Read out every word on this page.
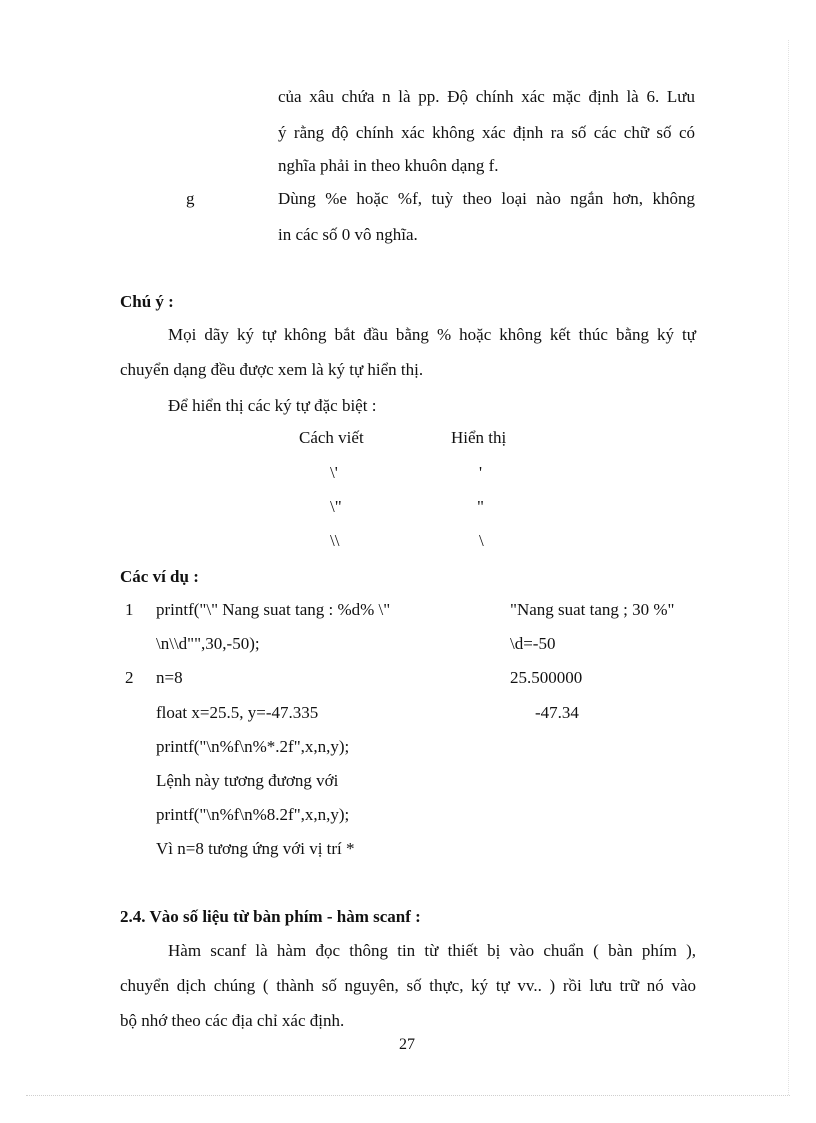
của xâu chứa n là pp. Độ chính xác mặc định là 6. Lưu
ý rằng độ chính xác không xác định ra số các chữ số có
nghĩa phải in theo khuôn dạng f.
g	Dùng %e hoặc %f, tuỳ theo loại nào ngắn hơn, không
in các số 0 vô nghĩa.
Chú ý :
Mọi dãy ký tự không bắt đầu bằng % hoặc không kết thúc bằng ký tự
chuyển dạng đều được xem là ký tự hiển thị.
Để hiển thị các ký tự đặc biệt :
Cách viết	Hiển thị
\'	'
\"	"
\\	\
Các ví dụ :
1 printf("\" Nang suat tang : %d% \"	"Nang suat tang ; 30 %"
\n\\d"",30,-50);	\d=-50
2 n=8	25.500000
float x=25.5, y=-47.335	-47.34
printf("\n%f\n%*.2f",x,n,y);
Lệnh này tương đương với
printf("\n%f\n%8.2f",x,n,y);
Vì n=8 tương ứng với vị trí *
2.4. Vào số liệu từ bàn phím - hàm scanf :
Hàm scanf là hàm đọc thông tin từ thiết bị vào chuẩn ( bàn phím ),
chuyển dịch chúng ( thành số nguyên, số thực, ký tự vv.. ) rồi lưu trữ nó vào
bộ nhớ theo các địa chỉ xác định.
27
